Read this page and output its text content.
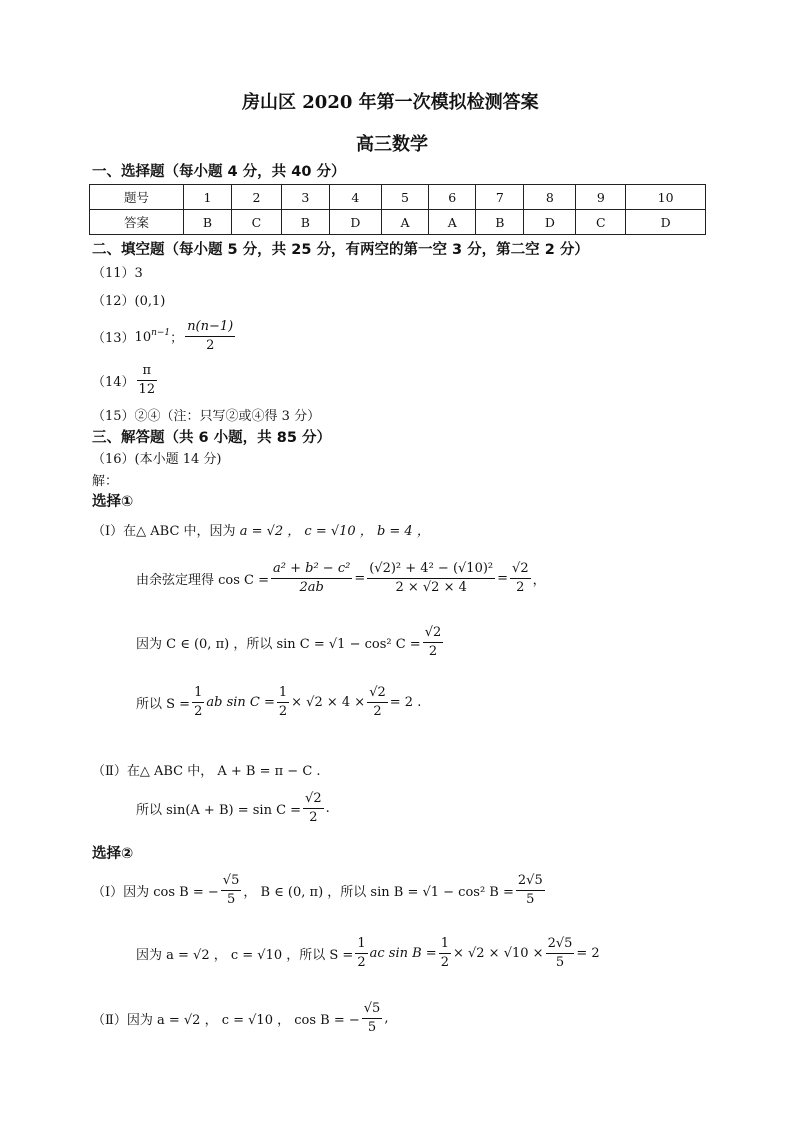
房山区 2020 年第一次模拟检测答案
高三数学
一、选择题（每小题 4 分，共 40 分）
题号	1	2	3	4	5	6	7	8	9	10
答案	B	C	B	D	A	A	B	D	C	D
二、填空题（每小题 5 分，共 25 分，有两空的第一空 3 分，第二空 2 分）
（11）3
（12）(0,1)
（13） $10^{n-1}$ ； $\frac{n(n-1)}{2}$
$(14) \frac{\pi}{12}$
（15）②④（注：只写②或④得 3 分）
三、解答题（共 6 小题，共 85 分）
（16）(本小题 14 分)
解：
选择①
（Ⅰ）在△ ABC 中，因为 a = √2 ， c = √10 ， b = 4 ，
由余弦定理得 $\cos C = \frac{\text{a² + b² − c²}}{2ab} = \frac{\text{(√2)² + 4² − (√10)²}}{2 \times √2 \times 4} = \frac{√2}{2}$ ，
因为 C ∈ (0, π) ，所以 sin C = √1 − cos² $C = \frac{√2}{2}$
所以 $S = \frac{1}{2}$ ab $\sin C = \frac{1}{2} \times √2 \times 4 \times \frac{√2}{2} = 2$ .
（Ⅱ）在△ ABC 中， A + B = π − C .
所以 $\sin(A + B) = \sin C = \frac{√2}{2}$ .
选择②
（Ⅰ） 因为 cos B = − $\frac{√5}{5}$ ， B ∈ (0, π) ，所以 sin B = √1 − cos² $B = \frac{2√5}{5}$
因为 a = √2 ， c = √10 ，所以 $S = \frac{1}{2}$ ac $\sin B = \frac{1}{2} \times √2 \times √10 \times \frac{2√5}{5} = 2$
（Ⅱ） 因为 a = √2 ， c = √10 ， cos B = − $\frac{√5}{5}$ ,
